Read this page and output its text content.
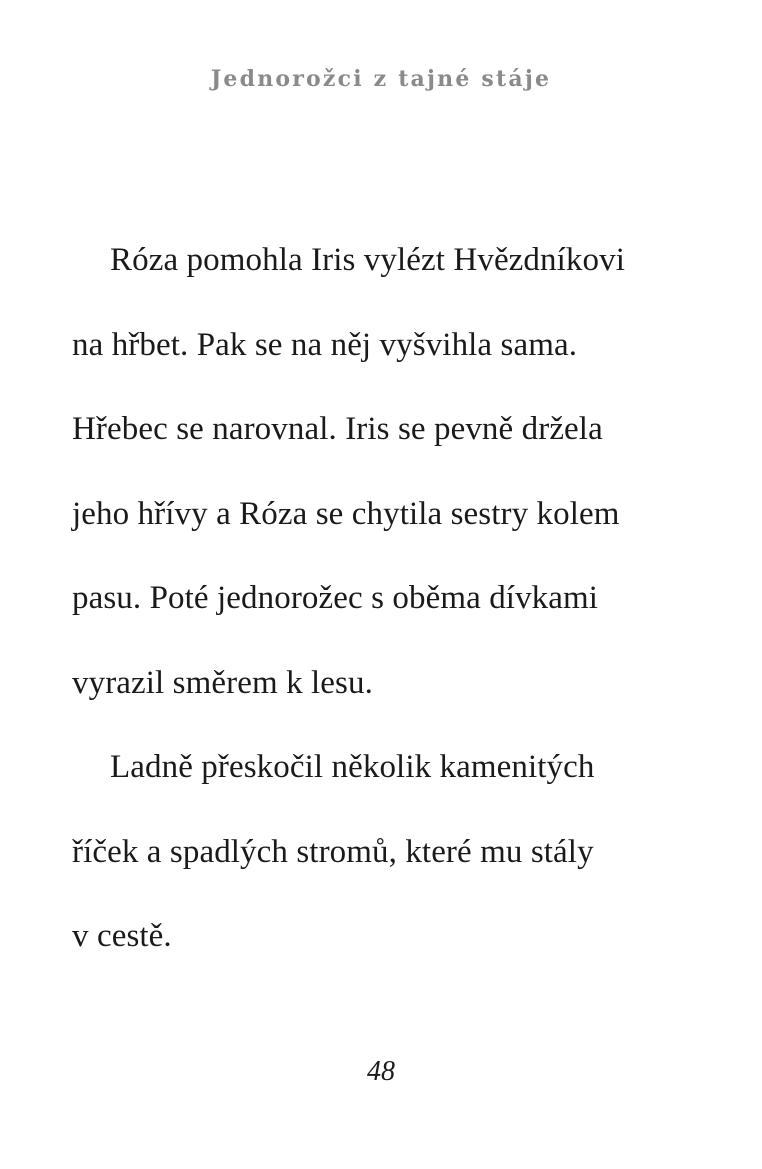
Jednorožci z tajné stáje
Róza pomohla Iris vylézt Hvězdníkovi
na hřbet. Pak se na něj vyšvihla sama.
Hřebec se narovnal. Iris se pevně držela
jeho hřívy a Róza se chytila sestry kolem
pasu. Poté jednorožec s oběma dívkami
vyrazil směrem k lesu.
Ladně přeskočil několik kamenitých
říček a spadlých stromů, které mu stály
v cestě.
48
